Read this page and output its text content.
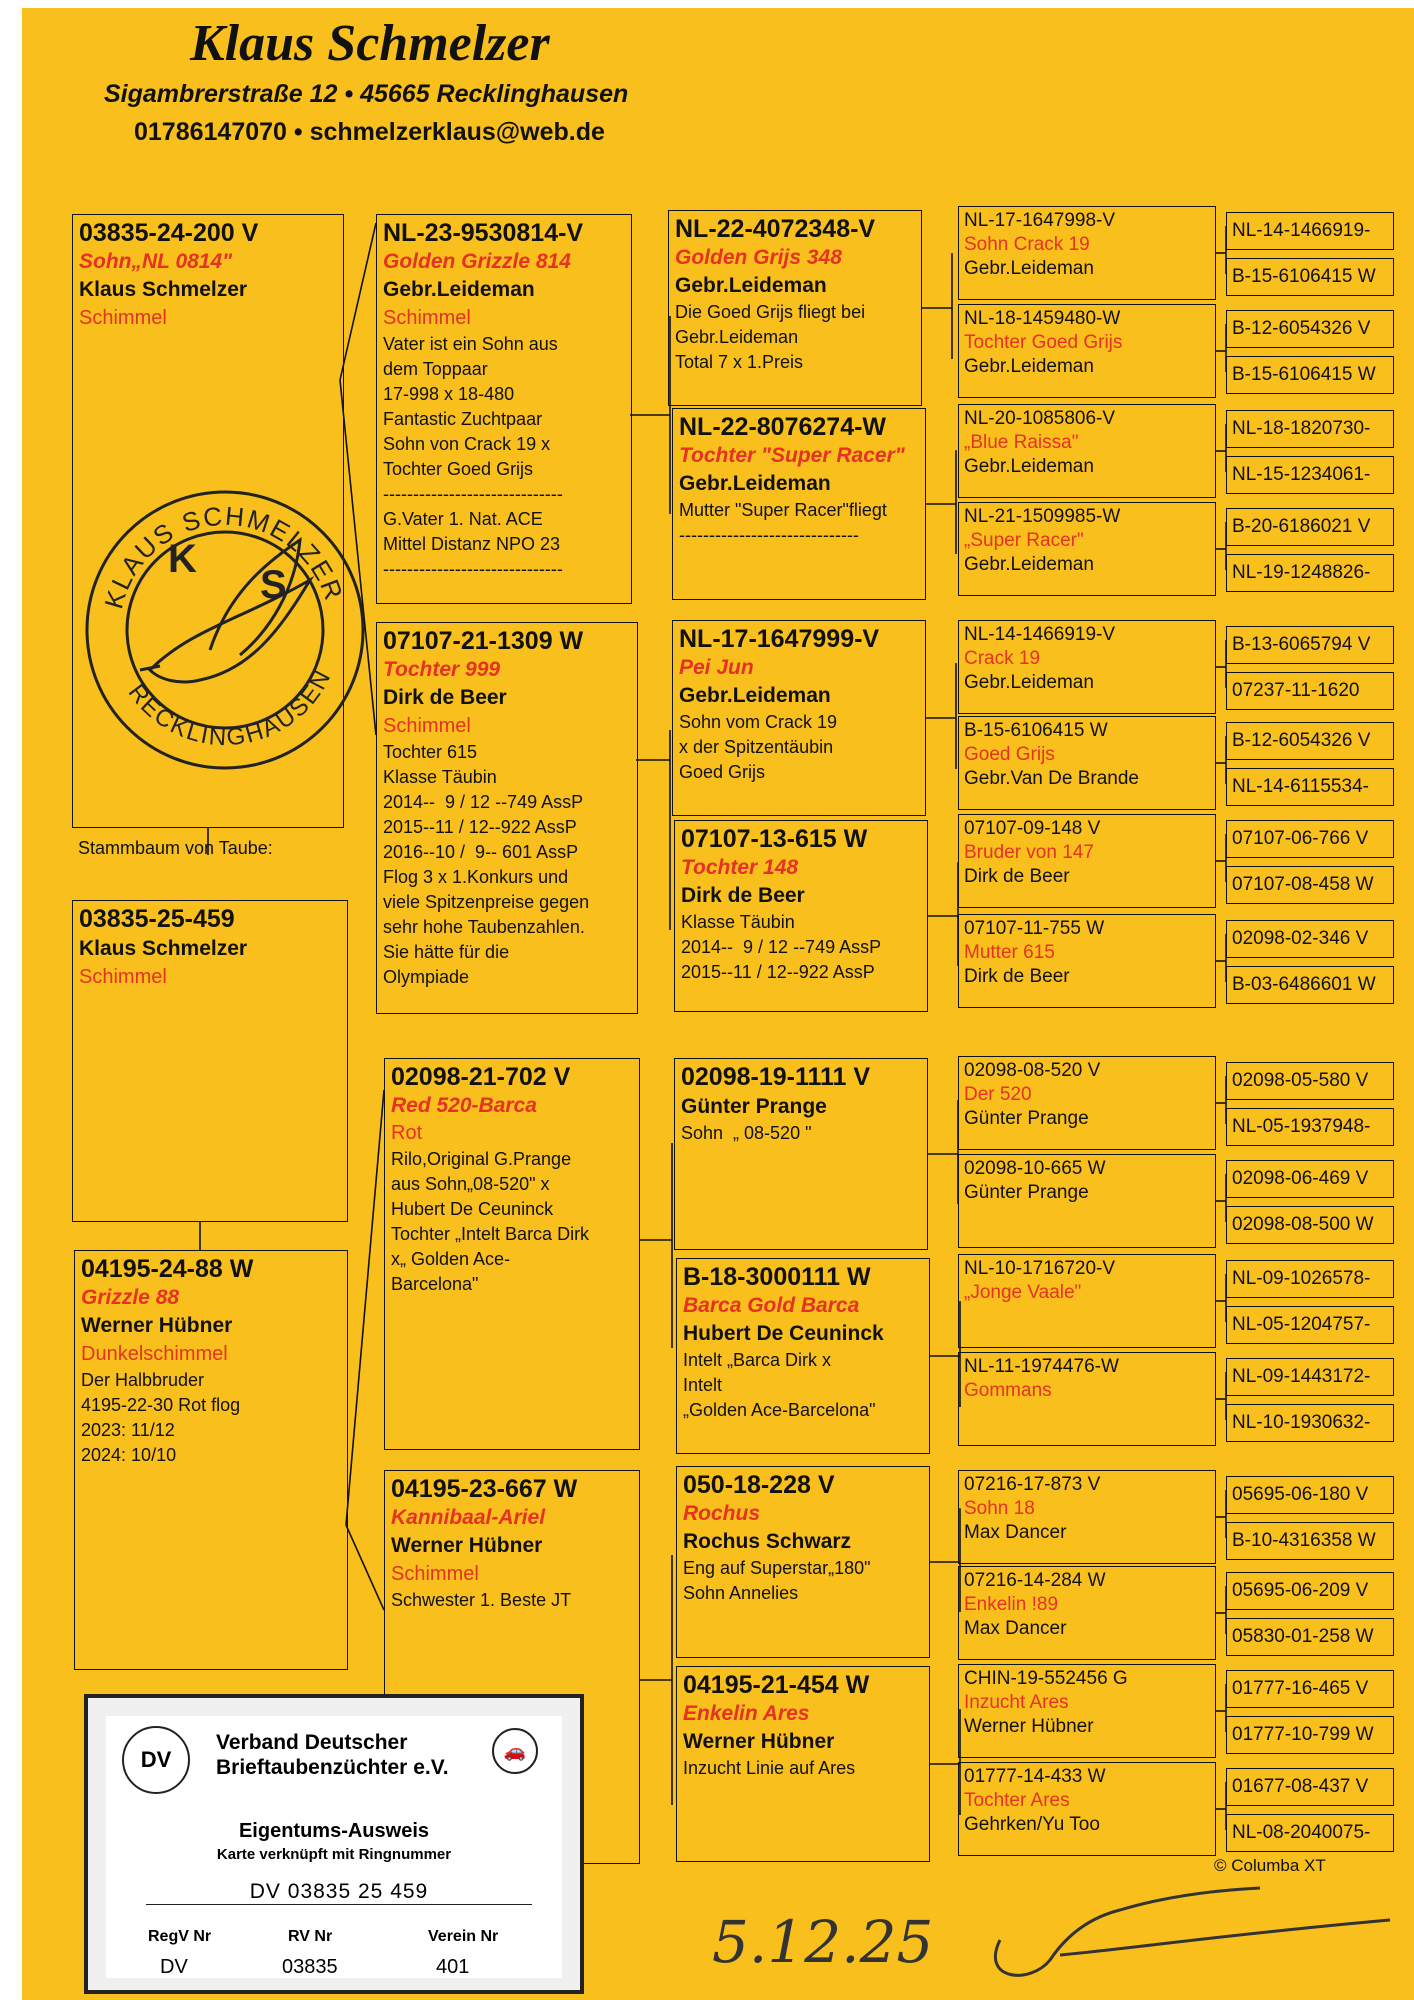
Klaus Schmelzer
Sigambrerstraße 12 • 45665 Recklinghausen
01786147070 • schmelzerklaus@web.de
Stammbaum von Taube:
03835-24-200 V
Sohn„NL 0814"
Klaus Schmelzer
Schimmel
03835-25-459
Klaus Schmelzer
Schimmel
04195-24-88 W
Grizzle 88
Werner Hübner
Dunkelschimmel
Der Halbbruder
4195-22-30 Rot flog
2023: 11/12
2024: 10/10
NL-23-9530814-V
Golden Grizzle 814
Gebr.Leideman
Schimmel
Vater ist ein Sohn aus
dem Toppaar
17-998 x 18-480
Fantastic Zuchtpaar
Sohn von Crack 19 x
Tochter Goed Grijs
------------------------------
G.Vater 1. Nat. ACE
Mittel Distanz NPO 23
------------------------------
07107-21-1309 W
Tochter 999
Dirk de Beer
Schimmel
Tochter 615
Klasse Täubin
2014--  9 / 12 --749 AssP
2015--11 / 12--922 AssP
2016--10 /  9-- 601 AssP
Flog 3 x 1.Konkurs und
viele Spitzenpreise gegen
sehr hohe Taubenzahlen.
Sie hätte für die
Olympiade
02098-21-702 V
Red 520-Barca
Rot
Rilo,Original G.Prange
aus Sohn„08-520" x
Hubert De Ceuninck
Tochter „Intelt Barca Dirk
x„ Golden Ace-
Barcelona"
04195-23-667 W
Kannibaal-Ariel
Werner Hübner
Schimmel
Schwester 1. Beste JT
NL-22-4072348-V
Golden Grijs 348
Gebr.Leideman
Die Goed Grijs fliegt bei
Gebr.Leideman
Total 7 x 1.Preis
NL-22-8076274-W
Tochter "Super Racer"
Gebr.Leideman
Mutter "Super Racer"fliegt
------------------------------
NL-17-1647999-V
Pei Jun
Gebr.Leideman
Sohn vom Crack 19
x der Spitzentäubin
Goed Grijs
07107-13-615 W
Tochter 148
Dirk de Beer
Klasse Täubin
2014--  9 / 12 --749 AssP
2015--11 / 12--922 AssP
02098-19-1111 V
Günter Prange
Sohn  „ 08-520 "
B-18-3000111 W
Barca Gold Barca
Hubert De Ceuninck
Intelt „Barca Dirk x
Intelt
„Golden Ace-Barcelona"
050-18-228 V
Rochus
Rochus Schwarz
Eng auf Superstar„180"
Sohn Annelies
04195-21-454 W
Enkelin Ares
Werner Hübner
Inzucht Linie auf Ares
NL-17-1647998-V
Sohn Crack 19
Gebr.Leideman
NL-18-1459480-W
Tochter Goed Grijs
Gebr.Leideman
NL-20-1085806-V
„Blue Raissa"
Gebr.Leideman
NL-21-1509985-W
„Super Racer"
Gebr.Leideman
NL-14-1466919-V
Crack 19
Gebr.Leideman
B-15-6106415 W
Goed Grijs
Gebr.Van De Brande
07107-09-148 V
Bruder von 147
Dirk de Beer
07107-11-755 W
Mutter 615
Dirk de Beer
02098-08-520 V
Der 520
Günter Prange
02098-10-665 W
Günter Prange
NL-10-1716720-V
„Jonge Vaale"
NL-11-1974476-W
Gommans
07216-17-873 V
Sohn 18
Max Dancer
07216-14-284 W
Enkelin !89
Max Dancer
CHIN-19-552456 G
Inzucht Ares
Werner Hübner
01777-14-433 W
Tochter Ares
Gehrken/Yu Too
NL-14-1466919-
B-15-6106415 W
B-12-6054326 V
B-15-6106415 W
NL-18-1820730-
NL-15-1234061-
B-20-6186021 V
NL-19-1248826-
B-13-6065794 V
07237-11-1620
B-12-6054326 V
NL-14-6115534-
07107-06-766 V
07107-08-458 W
02098-02-346 V
B-03-6486601 W
02098-05-580 V
NL-05-1937948-
02098-06-469 V
02098-08-500 W
NL-09-1026578-
NL-05-1204757-
NL-09-1443172-
NL-10-1930632-
05695-06-180 V
B-10-4316358 W
05695-06-209 V
05830-01-258 W
01777-16-465 V
01777-10-799 W
01677-08-437 V
NL-08-2040075-
KLAUS SCHMELZER
RECKLINGHAUSEN
K
S
DV
Verband Deutscher
Brieftaubenzüchter e.V.
🚗
Eigentums-Ausweis
Karte verknüpft mit Ringnummer
DV 03835 25 459
RegV Nr	RV Nr	Verein Nr
DV	03835	401
© Columba XT
5.12.25
